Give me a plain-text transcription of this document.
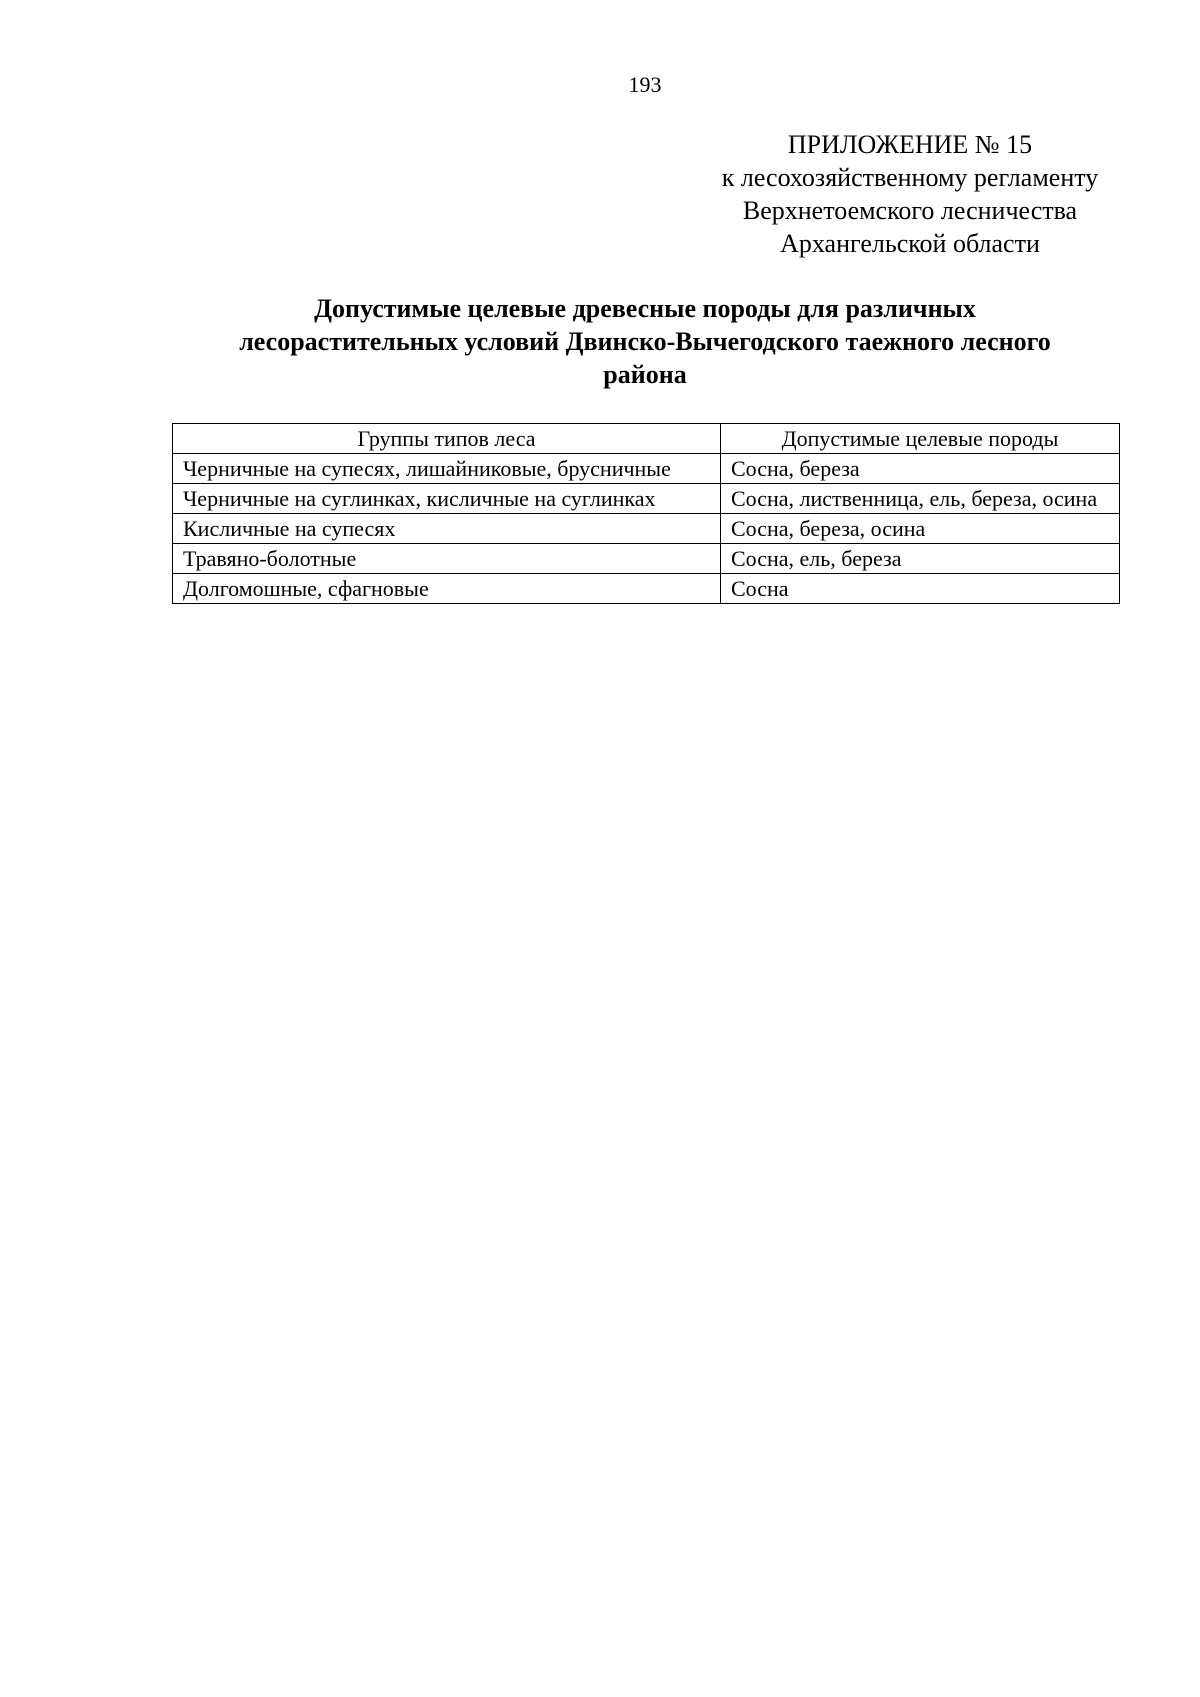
193
ПРИЛОЖЕНИЕ № 15
к лесохозяйственному регламенту
Верхнетоемского лесничества
Архангельской области
Допустимые целевые древесные породы для различных
лесорастительных условий Двинско-Вычегодского таежного лесного
района
Группы типов леса	Допустимые целевые породы
Черничные на супесях, лишайниковые, брусничные	Сосна, береза
Черничные на суглинках, кисличные на суглинках	Сосна, лиственница, ель, береза, осина
Кисличные на супесях	Сосна, береза, осина
Травяно-болотные	Сосна, ель, береза
Долгомошные, сфагновые	Сосна
